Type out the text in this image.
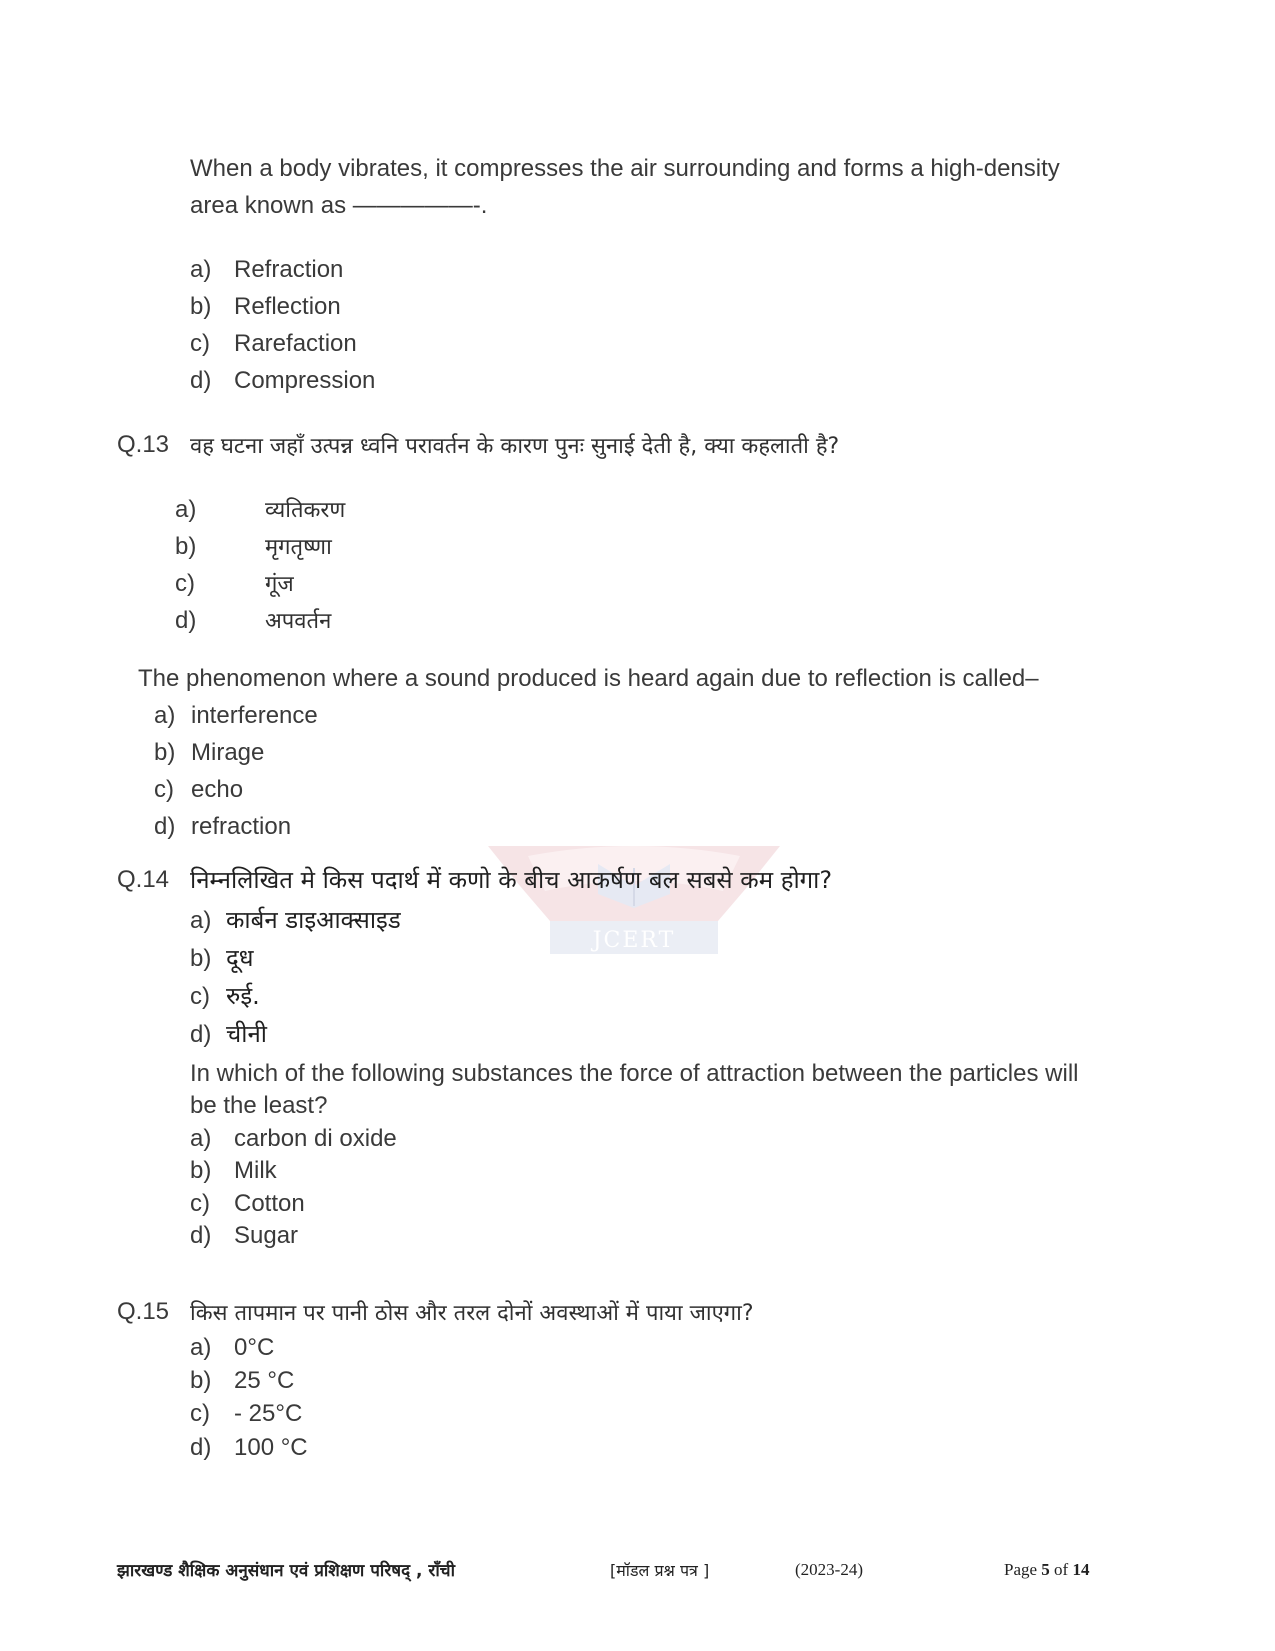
When a body vibrates, it compresses the air surrounding and forms a high-density
area known as —————-.
a) Refraction
b) Reflection
c)	Rarefaction
d) Compression
Q.13 वह घटना जहाँ उत्पन्न ध्वनि परावर्तन के कारण पुनः सुनाई देती है, क्या कहलाती है?
a)	व्यतिकरण
b)	मृगतृष्णा
c)	गूंज
d)	अपवर्तन
The phenomenon where a sound produced is heard again due to reflection is called–
a) interference
b) Mirage
c) echo
d) refraction
JCERT
Q.14 निम्नलिखित मे किस पदार्थ में कणो के बीच आकर्षण बल सबसे कम होगा?
a) कार्बन डाइआक्साइड
b) दूध
c) रुई.
d) चीनी
In which of the following substances the force of attraction between the particles will
be the least?
a) carbon di oxide
b) Milk
c)	Cotton
d) Sugar
Q.15 किस तापमान पर पानी ठोस और तरल दोनों अवस्थाओं में पाया जाएगा?
a) 0°C
b) 25 °C
c)	- 25°C
d) 100 °C
झारखण्ड शैक्षिक अनुसंधान एवं प्रशिक्षण परिषद् , राँची	[मॉडल प्रश्न पत्र ]	(2023-24)	Page 5 of 14
